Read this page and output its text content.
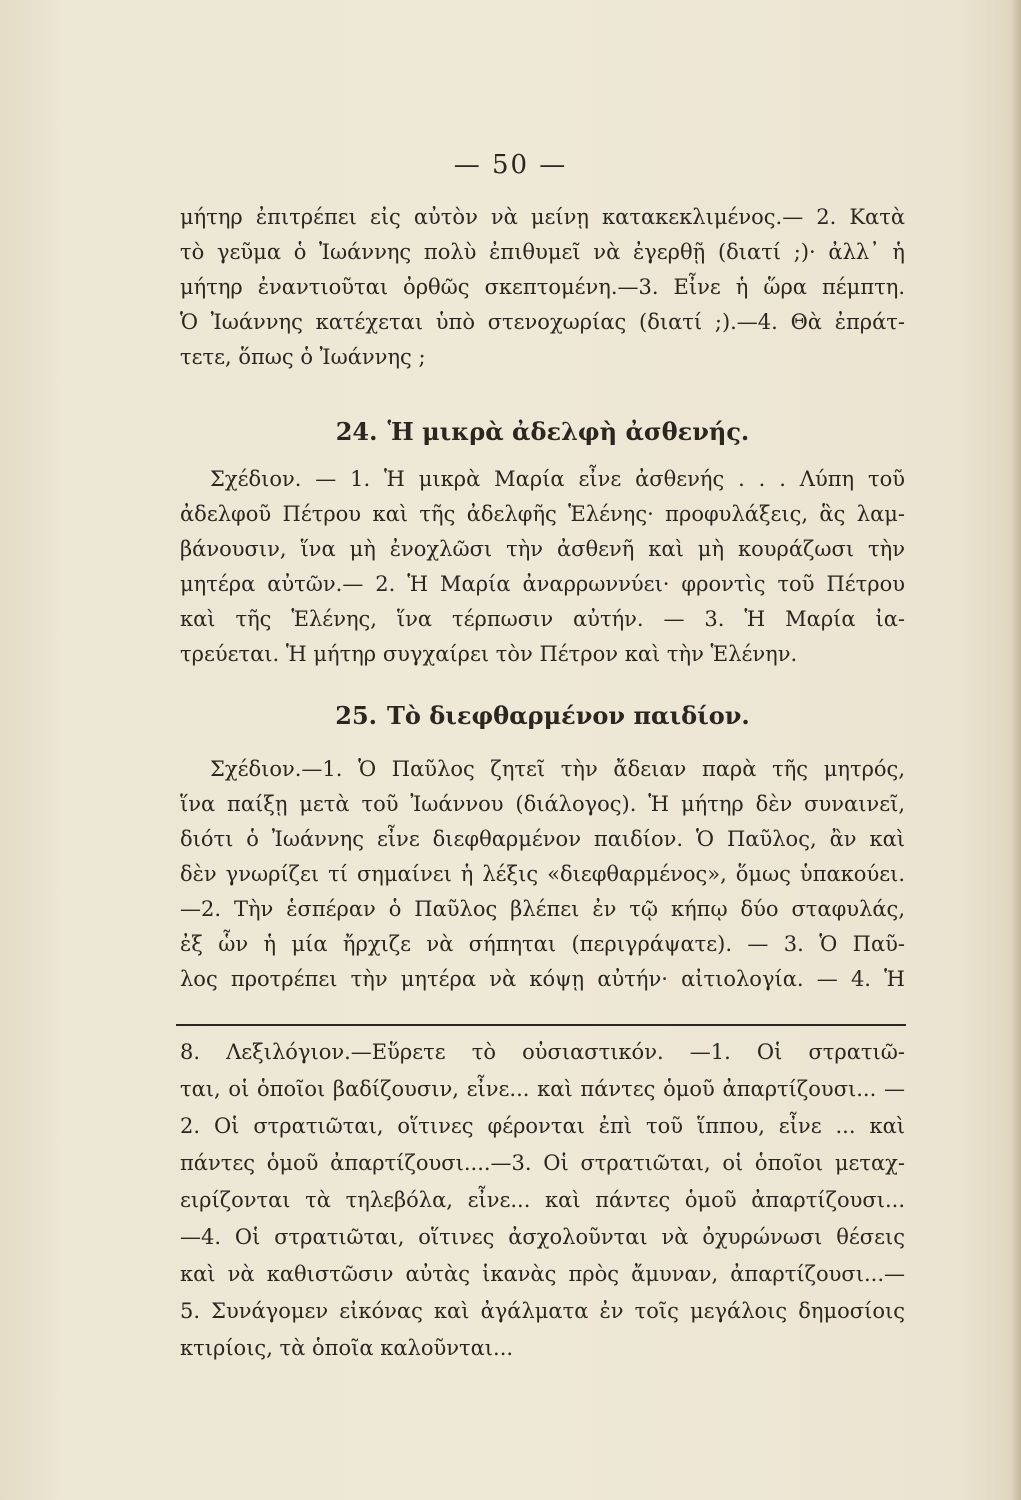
— 50 —
μήτηρ ἐπιτρέπει εἰς αὐτὸν νὰ μείνῃ κατακεκλιμένος.— 2. Κατὰ
τὸ γεῦμα ὁ Ἰωάννης πολὺ ἐπιθυμεῖ νὰ ἐγερθῇ (διατί ;)· ἀλλ᾿ ἡ
μήτηρ ἐναντιοῦται ὀρθῶς σκεπτομένη.—3. Εἶνε ἡ ὥρα πέμπτη.
Ὁ Ἰωάννης κατέχεται ὑπὸ στενοχωρίας (διατί ;).—4. Θὰ ἐπράτ-
τετε, ὅπως ὁ Ἰωάννης ;
24. Ἡ μικρὰ ἀδελφὴ ἀσθενής.
Σχέδιον. — 1. Ἡ μικρὰ Μαρία εἶνε ἀσθενής . . . Λύπη τοῦ
ἀδελφοῦ Πέτρου καὶ τῆς ἀδελφῆς Ἑλένης· προφυλάξεις, ἃς λαμ-
βάνουσιν, ἵνα μὴ ἐνοχλῶσι τὴν ἀσθενῆ καὶ μὴ κουράζωσι τὴν
μητέρα αὐτῶν.— 2. Ἡ Μαρία ἀναρρωννύει· φροντὶς τοῦ Πέτρου
καὶ τῆς Ἑλένης, ἵνα τέρπωσιν αὐτήν. — 3. Ἡ Μαρία ἰα-
τρεύεται. Ἡ μήτηρ συγχαίρει τὸν Πέτρον καὶ τὴν Ἑλένην.
25. Τὸ διεφθαρμένον παιδίον.
Σχέδιον.—1. Ὁ Παῦλος ζητεῖ τὴν ἄδειαν παρὰ τῆς μητρός,
ἵνα παίξῃ μετὰ τοῦ Ἰωάννου (διάλογος). Ἡ μήτηρ δὲν συναινεῖ,
διότι ὁ Ἰωάννης εἶνε διεφθαρμένον παιδίον. Ὁ Παῦλος, ἂν καὶ
δὲν γνωρίζει τί σημαίνει ἡ λέξις «διεφθαρμένος», ὅμως ὑπακούει.
—2. Τὴν ἑσπέραν ὁ Παῦλος βλέπει ἐν τῷ κήπῳ δύο σταφυλάς,
ἐξ ὧν ἡ μία ἤρχιζε νὰ σήπηται (περιγράψατε). — 3. Ὁ Παῦ-
λος προτρέπει τὴν μητέρα νὰ κόψῃ αὐτήν· αἰτιολογία. — 4. Ἡ
8. Λεξιλόγιον.—Εὕρετε τὸ οὐσιαστικόν. —1. Οἱ στρατιῶ-
ται, οἱ ὁποῖοι βαδίζουσιν, εἶνε... καὶ πάντες ὁμοῦ ἀπαρτίζουσι... —
2. Οἱ στρατιῶται, οἵτινες φέρονται ἐπὶ τοῦ ἵππου, εἶνε ... καὶ
πάντες ὁμοῦ ἀπαρτίζουσι....—3. Οἱ στρατιῶται, οἱ ὁποῖοι μεταχ-
ειρίζονται τὰ τηλεβόλα, εἶνε... καὶ πάντες ὁμοῦ ἀπαρτίζουσι...
—4. Οἱ στρατιῶται, οἵτινες ἀσχολοῦνται νὰ ὀχυρώνωσι θέσεις
καὶ νὰ καθιστῶσιν αὐτὰς ἱκανὰς πρὸς ἄμυναν, ἀπαρτίζουσι...—
5. Συνάγομεν εἰκόνας καὶ ἀγάλματα ἐν τοῖς μεγάλοις δημοσίοις
κτιρίοις, τὰ ὁποῖα καλοῦνται...
